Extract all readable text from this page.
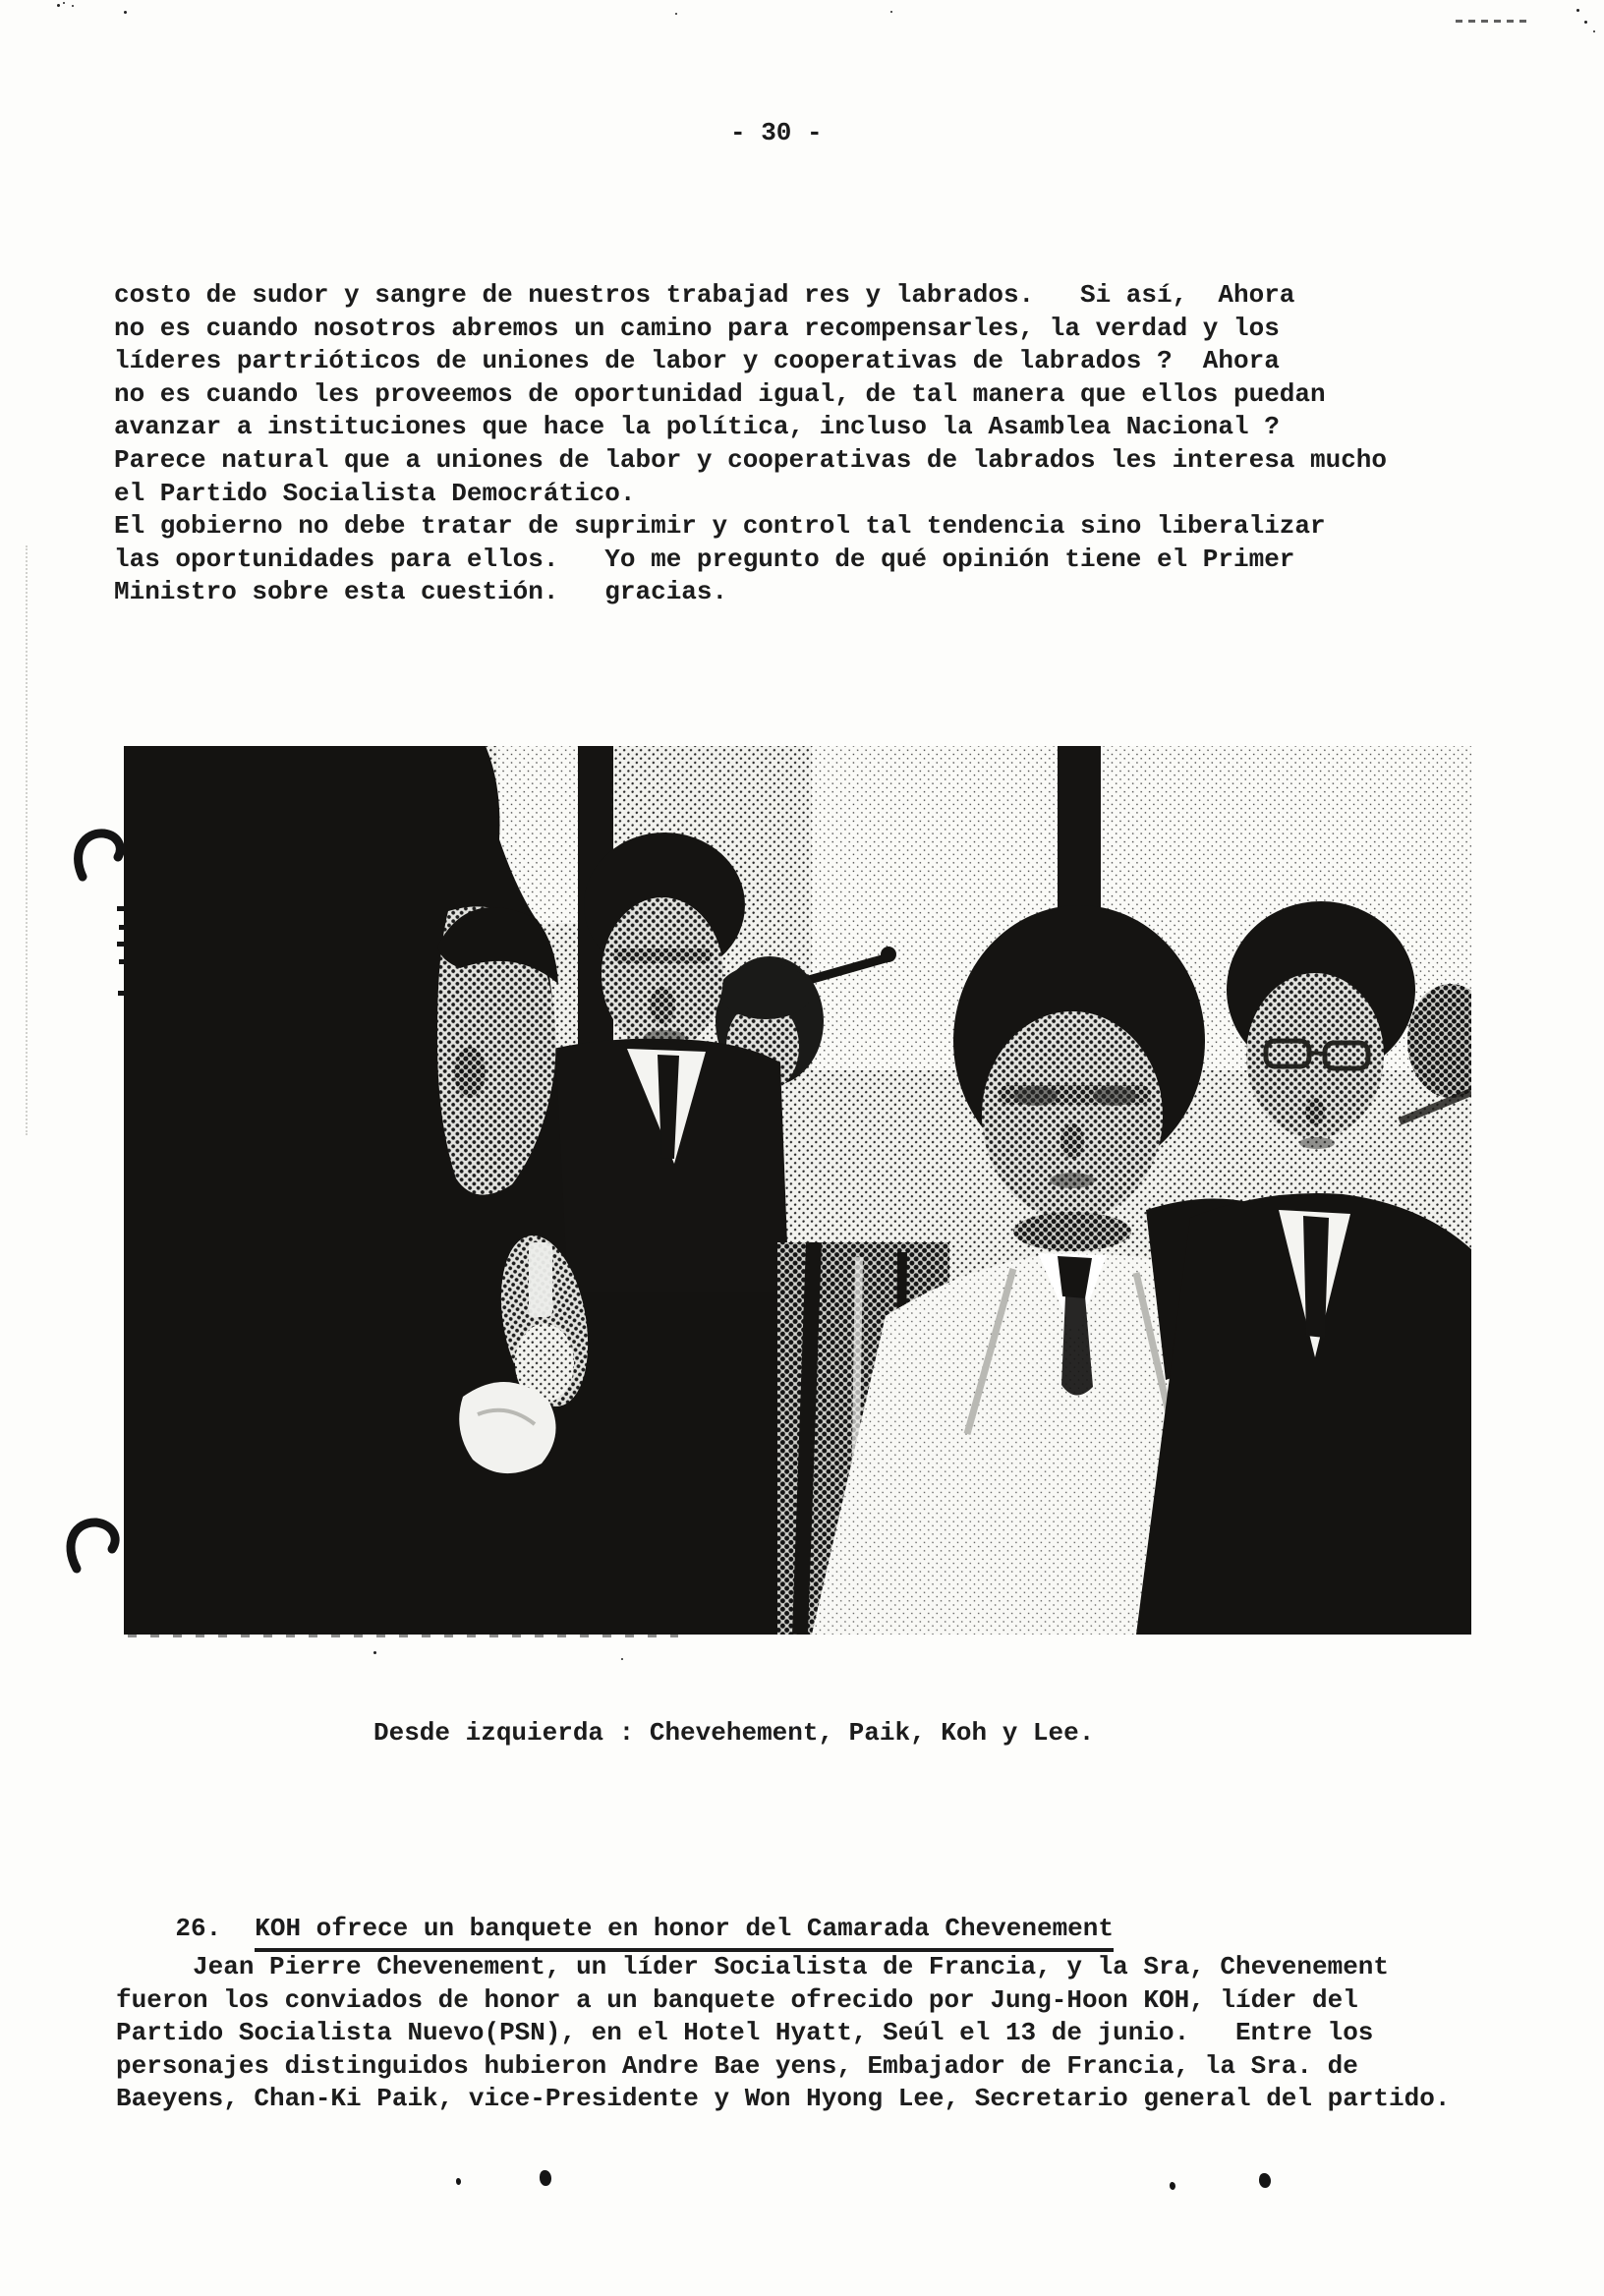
- 30 -
costo de sudor y sangre de nuestros trabajad res y labrados.   Si así,  Ahora
no es cuando nosotros abremos un camino para recompensarles, la verdad y los
líderes partrióticos de uniones de labor y cooperativas de labrados ?  Ahora
no es cuando les proveemos de oportunidad igual, de tal manera que ellos puedan
avanzar a instituciones que hace la política, incluso la Asamblea Nacional ?
Parece natural que a uniones de labor y cooperativas de labrados les interesa mucho
el Partido Socialista Democrático.
El gobierno no debe tratar de suprimir y control tal tendencia sino liberalizar
las oportunidades para ellos.   Yo me pregunto de qué opinión tiene el Primer
Ministro sobre esta cuestión.   gracias.
Desde izquierda : Chevehement, Paik, Koh y Lee.

26. KOH ofrece un banquete en honor del Camarada Chevenement

Jean Pierre Chevenement, un líder Socialista de Francia, y la Sra, Chevenement
fueron los conviados de honor a un banquete ofrecido por Jung-Hoon KOH, líder del
Partido Socialista Nuevo(PSN), en el Hotel Hyatt, Seúl el 13 de junio.   Entre los
personajes distinguidos hubieron Andre Bae yens, Embajador de Francia, la Sra. de
Baeyens, Chan-Ki Paik, vice-Presidente y Won Hyong Lee, Secretario general del partido.
